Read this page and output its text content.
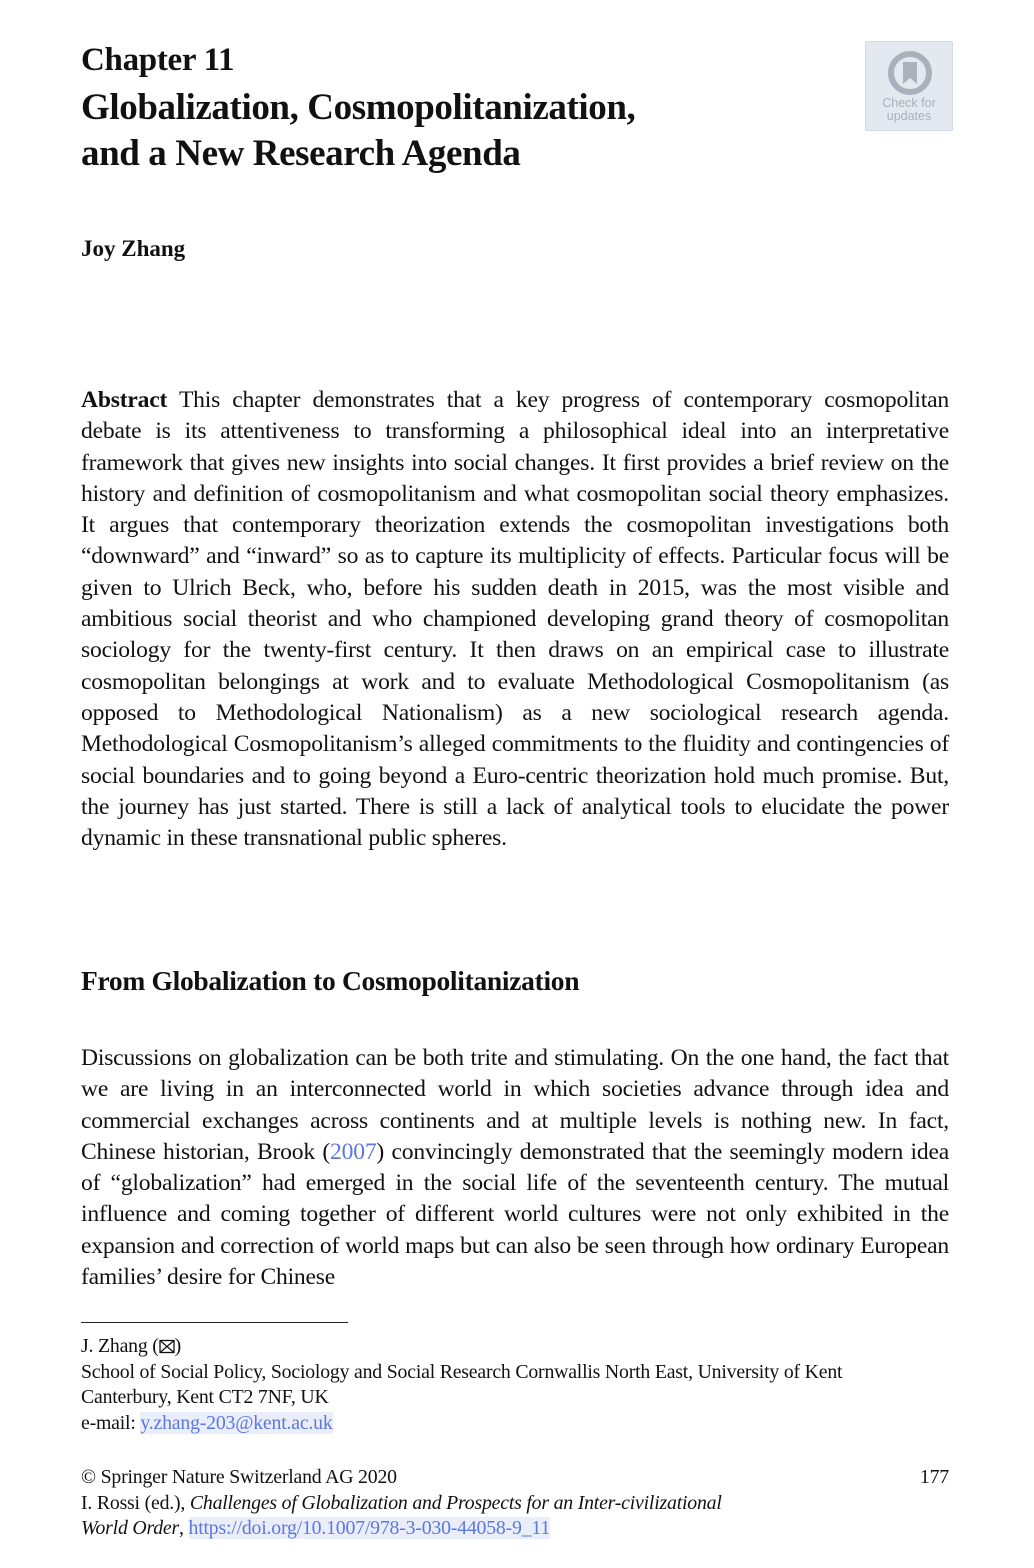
Chapter 11
Globalization, Cosmopolitanization,
and a New Research Agenda
Check for
updates
Joy Zhang
Abstract This chapter demonstrates that a key progress of contemporary cosmopolitan debate is its attentiveness to transforming a philosophical ideal into an interpretative framework that gives new insights into social changes. It first provides a brief review on the history and definition of cosmopolitanism and what cosmopolitan social theory emphasizes. It argues that contemporary theorization extends the cosmopolitan investigations both “downward” and “inward” so as to capture its multiplicity of effects. Particular focus will be given to Ulrich Beck, who, before his sudden death in 2015, was the most visible and ambitious social theorist and who championed developing grand theory of cosmopolitan sociology for the twenty-first century. It then draws on an empirical case to illustrate cosmopolitan belongings at work and to evaluate Methodological Cosmopolitanism (as opposed to Methodological Nationalism) as a new sociological research agenda. Methodological Cosmopolitanism’s alleged commitments to the fluidity and contingencies of social boundaries and to going beyond a Euro-centric theorization hold much promise. But, the journey has just started. There is still a lack of analytical tools to elucidate the power dynamic in these transnational public spheres.
From Globalization to Cosmopolitanization
Discussions on globalization can be both trite and stimulating. On the one hand, the fact that we are living in an interconnected world in which societies advance through idea and commercial exchanges across continents and at multiple levels is nothing new. In fact, Chinese historian, Brook (2007) convincingly demonstrated that the seemingly modern idea of “globalization” had emerged in the social life of the seventeenth century. The mutual influence and coming together of different world cultures were not only exhibited in the expansion and correction of world maps but can also be seen through how ordinary European families’ desire for Chinese
J. Zhang ( )
School of Social Policy, Sociology and Social Research Cornwallis North East, University of Kent
Canterbury, Kent CT2 7NF, UK
e-mail: y.zhang-203@kent.ac.uk
© Springer Nature Switzerland AG 2020	177
I. Rossi (ed.), Challenges of Globalization and Prospects for an Inter-civilizational
World Order, https://doi.org/10.1007/978-3-030-44058-9_11
